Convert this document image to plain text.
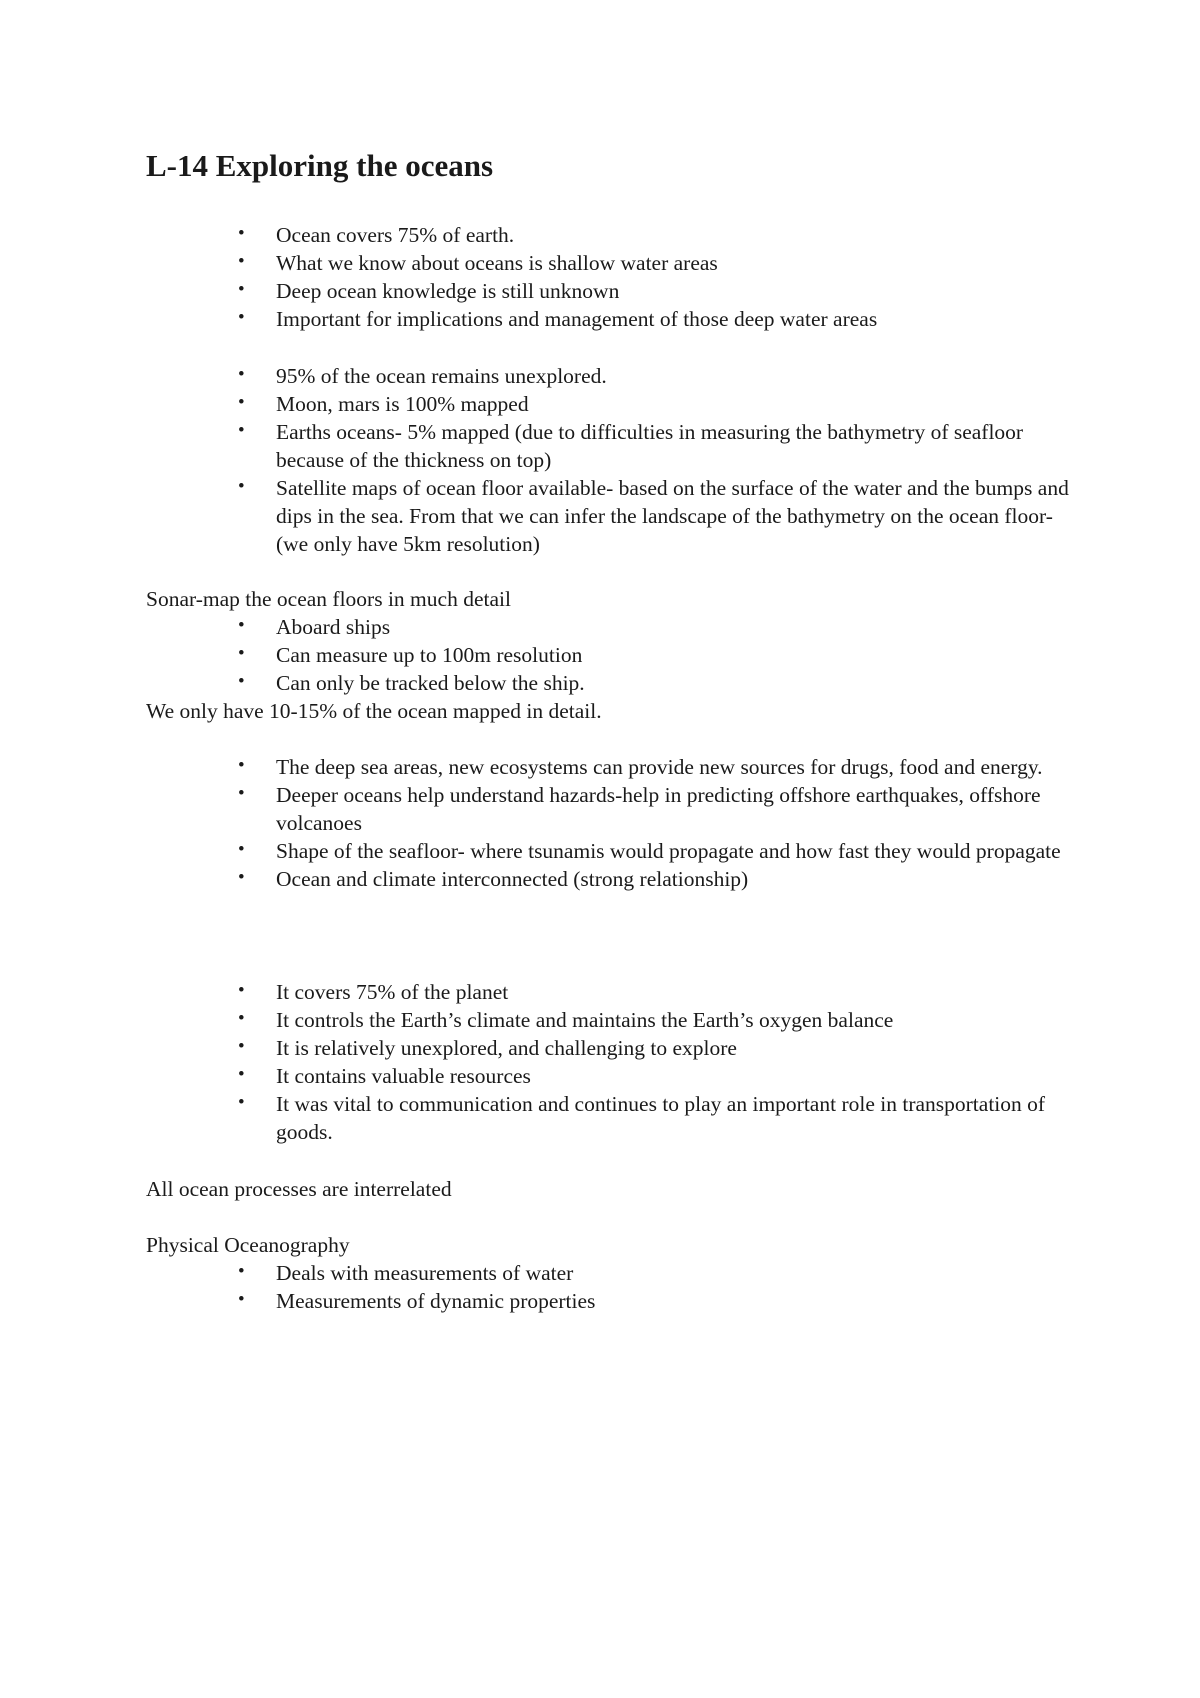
L-14 Exploring the oceans
• Ocean covers 75% of earth.
• What we know about oceans is shallow water areas
• Deep ocean knowledge is still unknown
• Important for implications and management of those deep water areas
• 95% of the ocean remains unexplored.
• Moon, mars is 100% mapped
• Earths oceans- 5% mapped (due to difficulties in measuring the bathymetry of seafloor because of the thickness on top)
• Satellite maps of ocean floor available- based on the surface of the water and the bumps and dips in the sea. From that we can infer the landscape of the bathymetry on the ocean floor-(we only have 5km resolution)

Sonar-map the ocean floors in much detail

• Aboard ships
• Can measure up to 100m resolution
• Can only be tracked below the ship.

We only have 10-15% of the ocean mapped in detail.

• The deep sea areas, new ecosystems can provide new sources for drugs, food and energy.
• Deeper oceans help understand hazards-help in predicting offshore earthquakes, offshore volcanoes
• Shape of the seafloor- where tsunamis would propagate and how fast they would propagate
• Ocean and climate interconnected (strong relationship)
• It covers 75% of the planet
• It controls the Earth’s climate and maintains the Earth’s oxygen balance
• It is relatively unexplored, and challenging to explore
• It contains valuable resources
• It was vital to communication and continues to play an important role in transportation of goods.

All ocean processes are interrelated

Physical Oceanography

• Deals with measurements of water
• Measurements of dynamic properties
